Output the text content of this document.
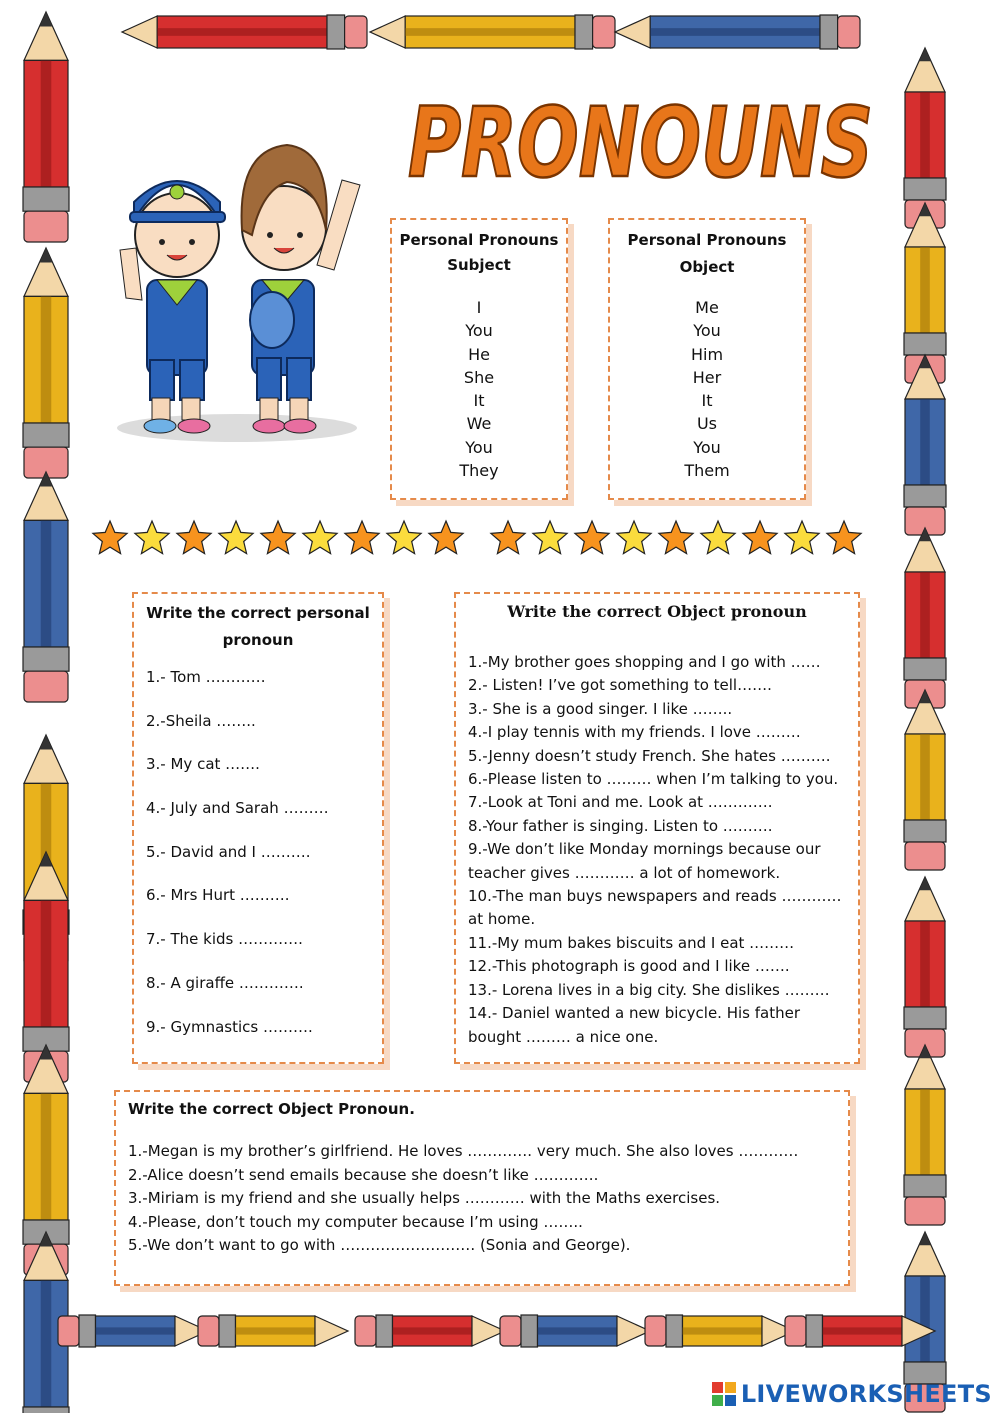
PRONOUNS
Personal Pronouns
Subject
I
You
He
She
It
We
You
They
Personal Pronouns
Object
Me
You
Him
Her
It
Us
You
Them
Write the correct personal
pronoun
1.- Tom …………
2.-Sheila ……..
3.- My cat …….
4.- July and Sarah ………
5.- David and I ……….
6.- Mrs Hurt ……….
7.- The kids ………….
8.- A giraffe ………….
9.- Gymnastics ……….
Write the correct Object pronoun
1.-My brother goes shopping and I go with ……
2.- Listen! I’ve got something to tell…….
3.- She is a good singer. I like ……..
4.-I play tennis with my friends. I love ………
5.-Jenny doesn’t study French. She hates ……….
6.-Please listen to ……… when I’m talking to you.
7.-Look at Toni and me. Look at ………….
8.-Your father is singing. Listen to ……….
9.-We don’t like Monday mornings because our
teacher gives ………… a lot of homework.
10.-The man buys newspapers and reads …………
at home.
11.-My mum bakes biscuits and I eat ………
12.-This photograph is good and I like …….
13.- Lorena lives in a big city. She dislikes ………
14.- Daniel wanted a new bicycle. His father
bought ……… a nice one.
Write the correct Object Pronoun.
1.-Megan is my brother’s girlfriend. He loves …………. very much. She also loves …………
2.-Alice doesn’t send emails because she doesn’t like ………….
3.-Miriam is my friend and she usually helps ………… with the Maths exercises.
4.-Please, don’t touch my computer because I’m using ……..
5.-We don’t want to go with ……………………… (Sonia and George).
LIVEWORKSHEETS
